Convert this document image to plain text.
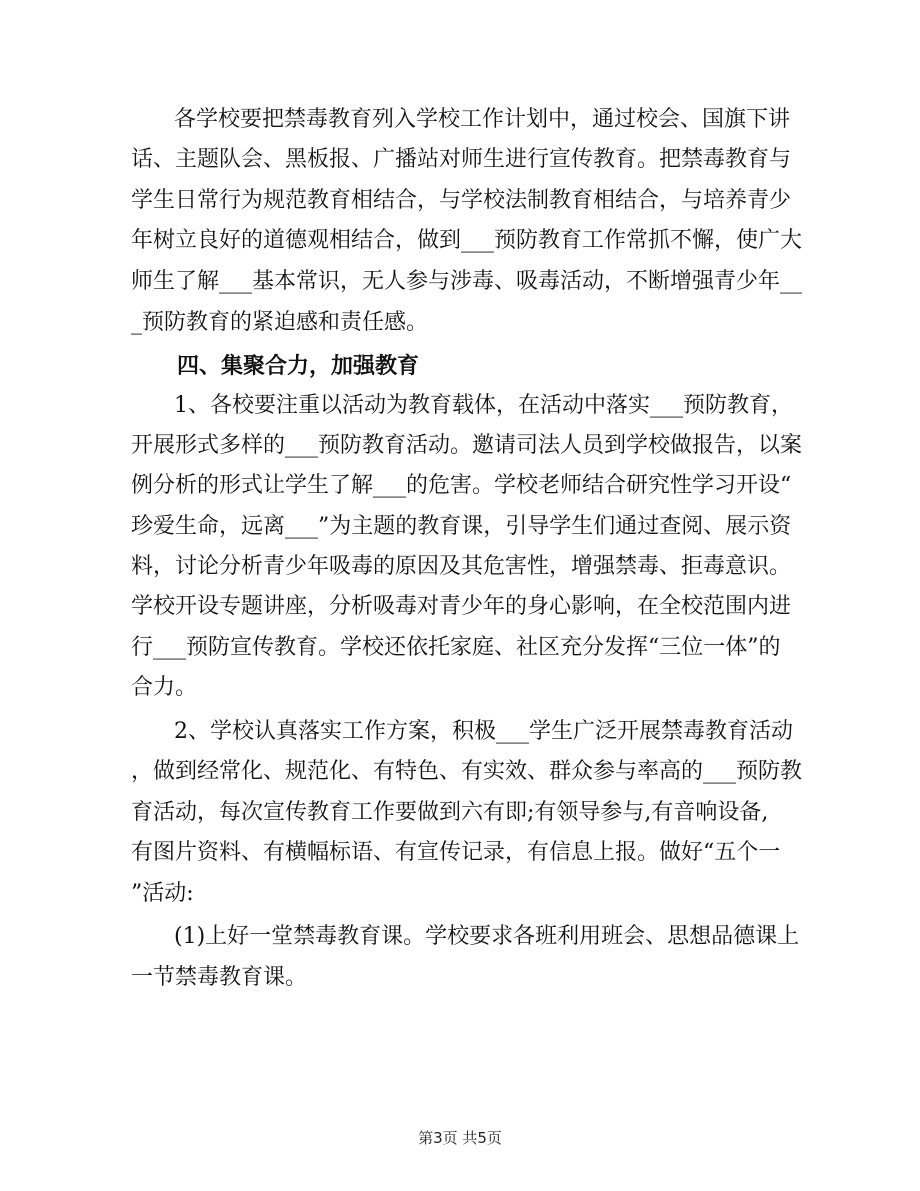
各学校要把禁毒教育列入学校工作计划中，通过校会、国旗下讲
话、主题队会、黑板报、广播站对师生进行宣传教育。把禁毒教育与
学生日常行为规范教育相结合，与学校法制教育相结合，与培养青少
年树立良好的道德观相结合，做到___预防教育工作常抓不懈，使广大
师生了解___基本常识，无人参与涉毒、吸毒活动，不断增强青少年__
_预防教育的紧迫感和责任感。
四、集聚合力，加强教育
1、各校要注重以活动为教育载体，在活动中落实___预防教育，
开展形式多样的___预防教育活动。邀请司法人员到学校做报告，以案
例分析的形式让学生了解___的危害。学校老师结合研究性学习开设“
珍爱生命，远离___”为主题的教育课，引导学生们通过查阅、展示资
料，讨论分析青少年吸毒的原因及其危害性，增强禁毒、拒毒意识。
学校开设专题讲座，分析吸毒对青少年的身心影响，在全校范围内进
行___预防宣传教育。学校还依托家庭、社区充分发挥“三位一体”的
合力。
2、学校认真落实工作方案，积极___学生广泛开展禁毒教育活动
，做到经常化、规范化、有特色、有实效、群众参与率高的___预防教
育活动，每次宣传教育工作要做到六有即;有领导参与,有音响设备,
有图片资料、有横幅标语、有宣传记录，有信息上报。做好“五个一
”活动:
(1)上好一堂禁毒教育课。学校要求各班利用班会、思想品德课上
一节禁毒教育课。
第3页 共5页
